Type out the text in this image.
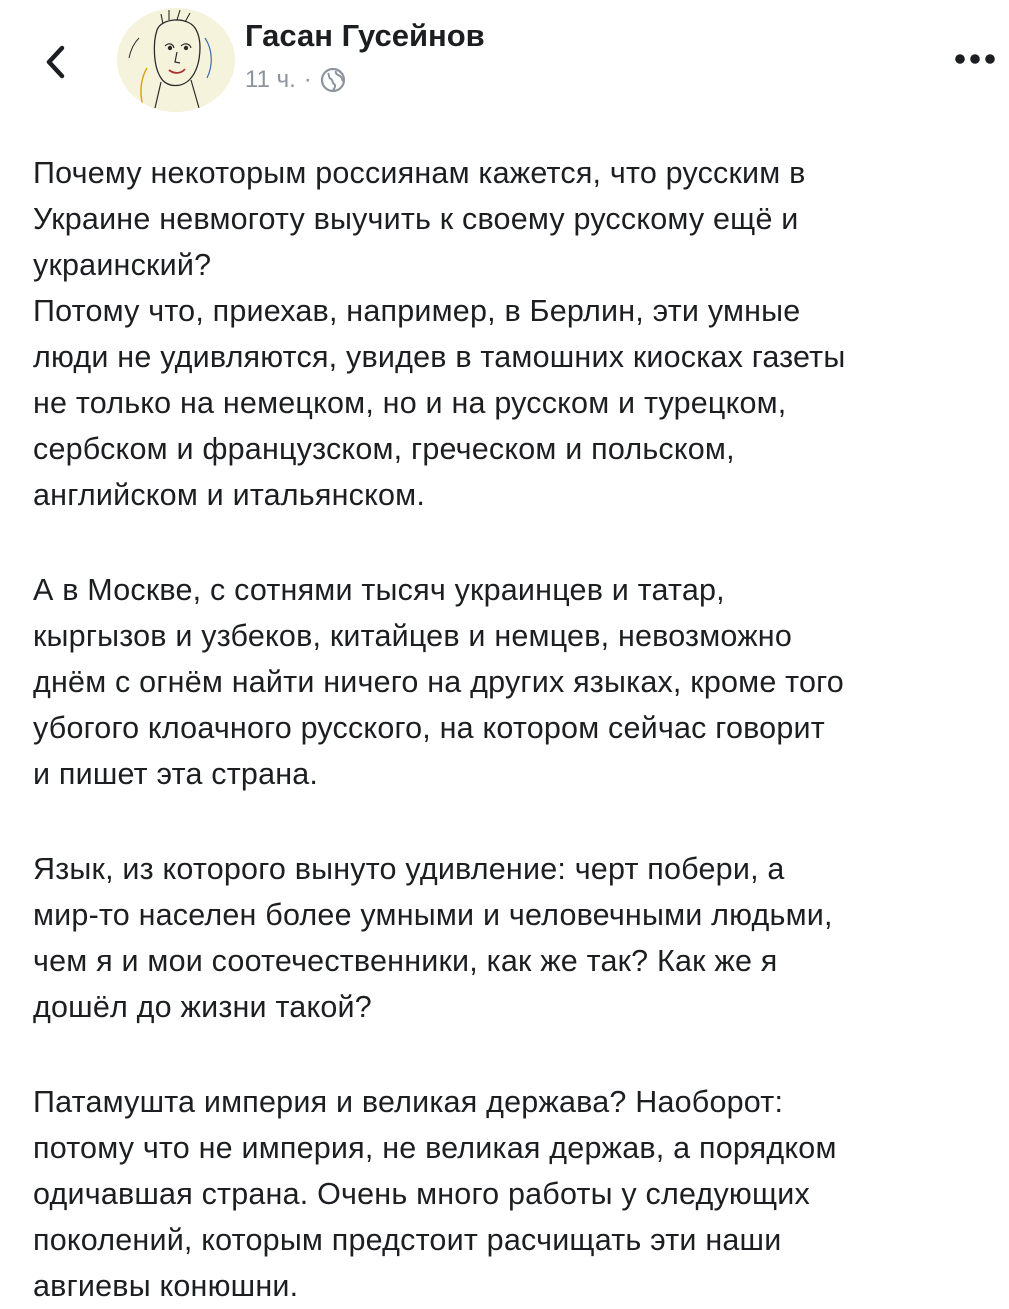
Гасан Гусейнов
11 ч. ·
Почему некоторым россиянам кажется, что русским в
Украине невмоготу выучить к своему русскому ещё и
украинский?
Потому что, приехав, например, в Берлин, эти умные
люди не удивляются, увидев в тамошних киосках газеты
не только на немецком, но и на русском и турецком,
сербском и французском, греческом и польском,
английском и итальянском.
А в Москве, с сотнями тысяч украинцев и татар,
кыргызов и узбеков, китайцев и немцев, невозможно
днём с огнём найти ничего на других языках, кроме того
убогого клоачного русского, на котором сейчас говорит
и пишет эта страна.
Язык, из которого вынуто удивление: черт побери, а
мир-то населен более умными и человечными людьми,
чем я и мои соотечественники, как же так? Как же я
дошёл до жизни такой?
Патамушта империя и великая держава? Наоборот:
потому что не империя, не великая держав, а порядком
одичавшая страна. Очень много работы у следующих
поколений, которым предстоит расчищать эти наши
авгиевы конюшни.
